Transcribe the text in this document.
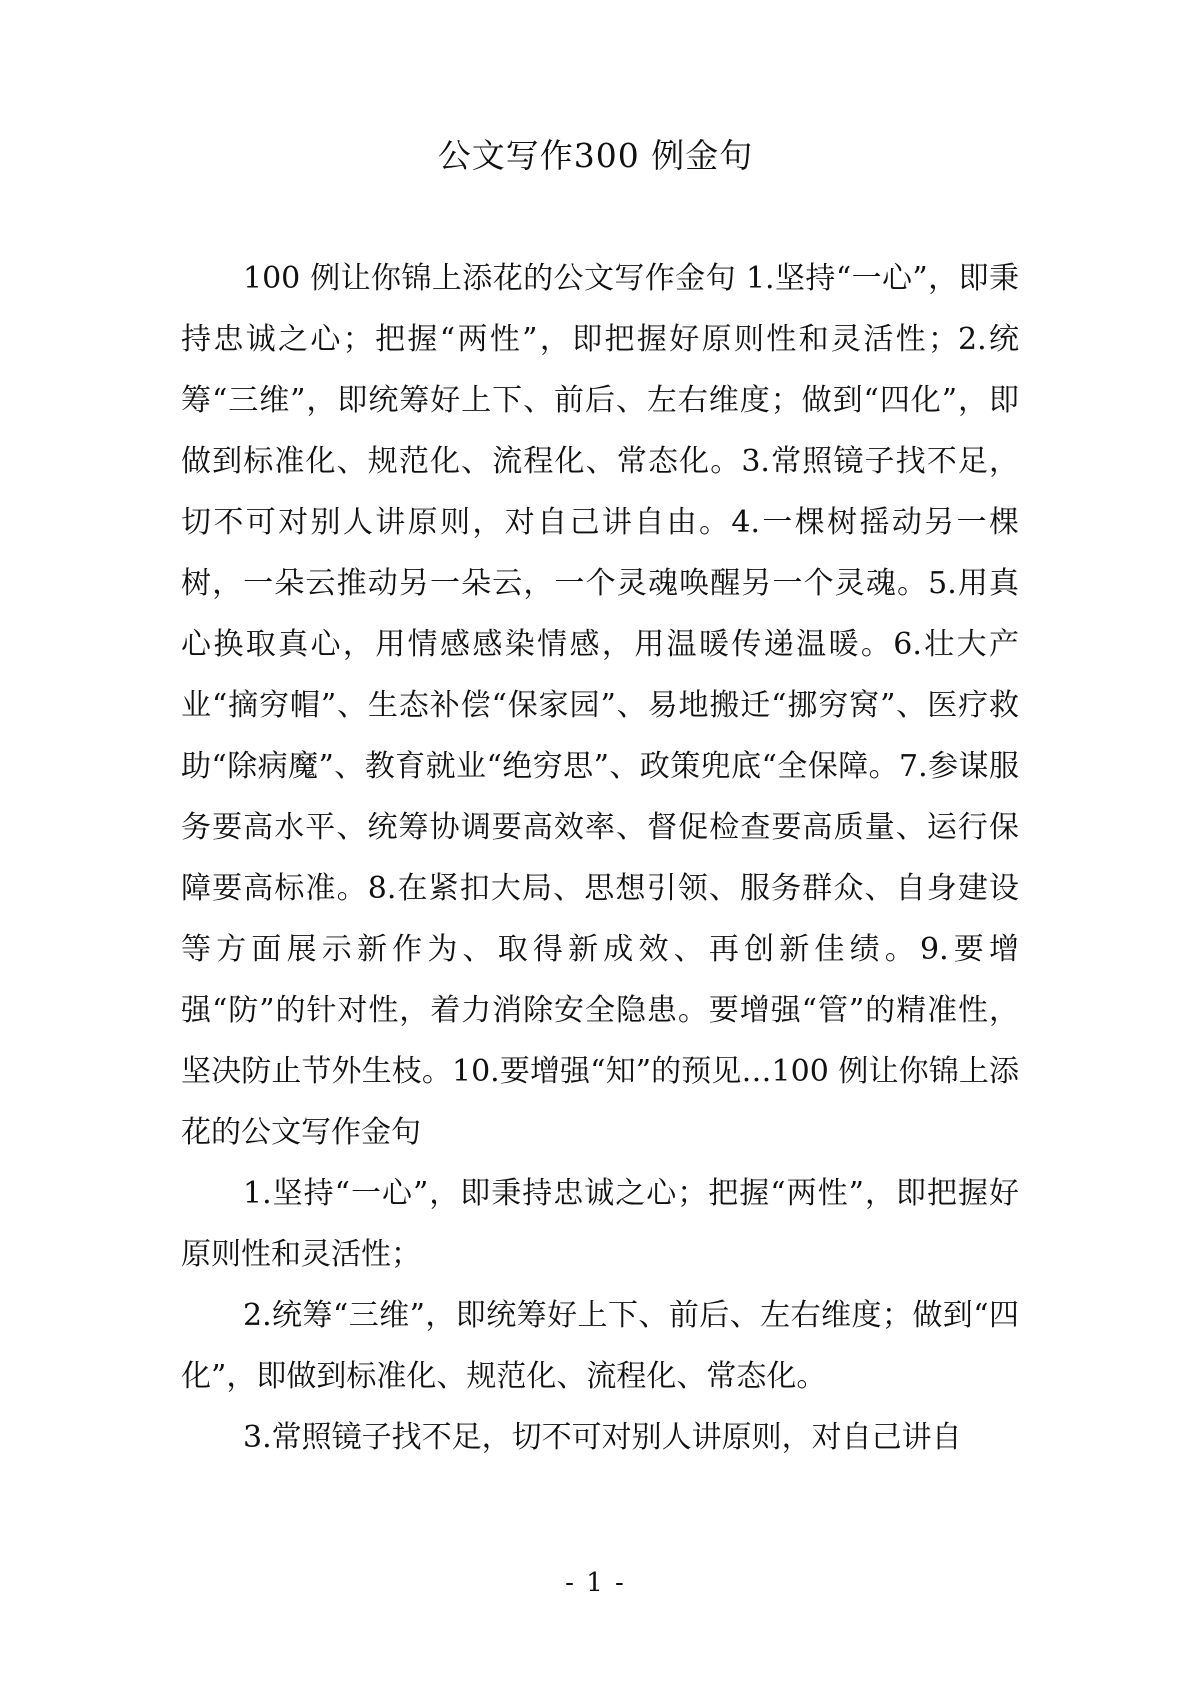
公文写作300 例金句

100 例让你锦上添花的公文写作金句 1.坚持“一心”，即秉持忠诚之心；把握“两性”，即把握好原则性和灵活性；2.统筹“三维”，即统筹好上下、前后、左右维度；做到“四化”，即做到标准化、规范化、流程化、常态化。3.常照镜子找不足，切不可对别人讲原则，对自己讲自由。4.一棵树摇动另一棵树，一朵云推动另一朵云，一个灵魂唤醒另一个灵魂。5.用真心换取真心，用情感感染情感，用温暖传递温暖。6.壮大产业“摘穷帽”、生态补偿“保家园”、易地搬迁“挪穷窝”、医疗救助“除病魔”、教育就业“绝穷思”、政策兜底“全保障。7.参谋服务要高水平、统筹协调要高效率、督促检查要高质量、运行保障要高标准。8.在紧扣大局、思想引领、服务群众、自身建设等方面展示新作为、取得新成效、再创新佳绩。9.要增强“防”的针对性，着力消除安全隐患。要增强“管”的精准性，坚决防止节外生枝。10.要增强“知”的预见…100 例让你锦上添花的公文写作金句

1.坚持“一心”，即秉持忠诚之心；把握“两性”，即把握好原则性和灵活性；

2.统筹“三维”，即统筹好上下、前后、左右维度；做到“四化”，即做到标准化、规范化、流程化、常态化。

3.常照镜子找不足，切不可对别人讲原则，对自己讲自

- 1 -
